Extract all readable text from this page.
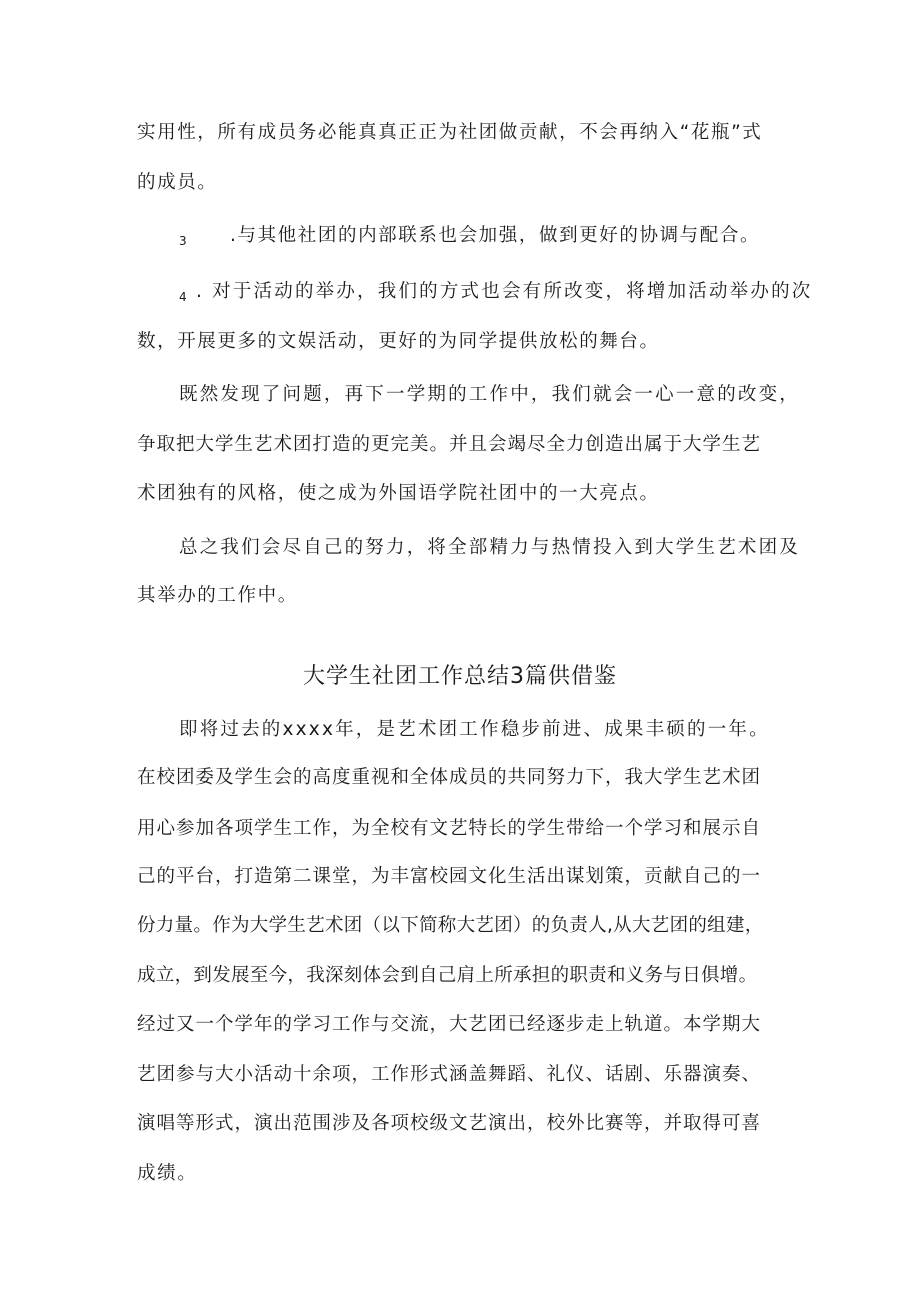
实用性，所有成员务必能真真正正为社团做贡献，不会再纳入“花瓶”式
的成员。
3 .与其他社团的内部联系也会加强，做到更好的协调与配合。
4 . 对于活动的举办，我们的方式也会有所改变，将增加活动举办的次
数，开展更多的文娱活动，更好的为同学提供放松的舞台。
既然发现了问题，再下一学期的工作中，我们就会一心一意的改变，
争取把大学生艺术团打造的更完美。并且会竭尽全力创造出属于大学生艺
术团独有的风格，使之成为外国语学院社团中的一大亮点。
总之我们会尽自己的努力，将全部精力与热情投入到大学生艺术团及
其举办的工作中。
大学生社团工作总结3篇供借鉴
即将过去的xxxx年，是艺术团工作稳步前进、成果丰硕的一年。
在校团委及学生会的高度重视和全体成员的共同努力下，我大学生艺术团
用心参加各项学生工作，为全校有文艺特长的学生带给一个学习和展示自
己的平台，打造第二课堂，为丰富校园文化生活出谋划策，贡献自己的一
份力量。作为大学生艺术团（以下简称大艺团）的负责人,从大艺团的组建，
成立，到发展至今，我深刻体会到自己肩上所承担的职责和义务与日俱增。
经过又一个学年的学习工作与交流，大艺团已经逐步走上轨道。本学期大
艺团参与大小活动十余项，工作形式涵盖舞蹈、礼仪、话剧、乐器演奏、
演唱等形式，演出范围涉及各项校级文艺演出，校外比赛等，并取得可喜
成绩。
